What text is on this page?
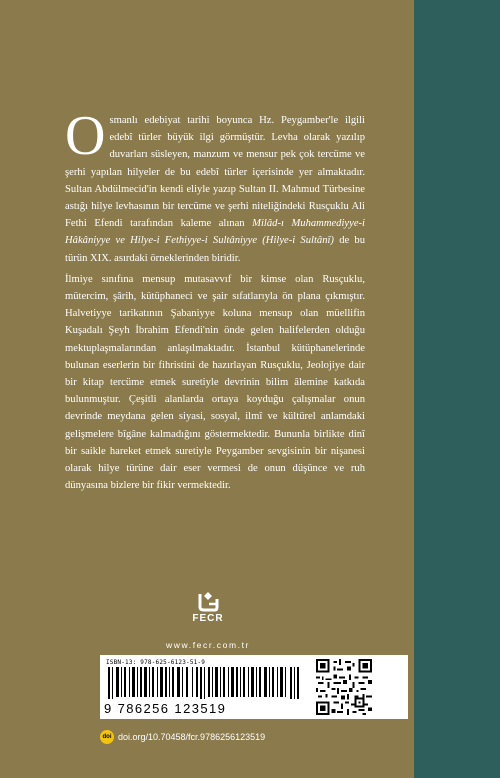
Osmanlı edebiyat tarihi boyunca Hz. Peygamber'le ilgili edebî türler büyük ilgi görmüştür. Levha olarak yazılıp duvarları süsleyen, manzum ve mensur pek çok tercüme ve şerhi yapılan hilyeler de bu edebî türler içerisinde yer almaktadır. Sultan Abdülmecid'in kendi eliyle yazıp Sultan II. Mahmud Türbesine astığı hilye levhasının bir tercüme ve şerhi niteliğindeki Rusçuklu Ali Fethi Efendi tarafından kaleme alınan Milâd-ı Muhammediyye-i Hâkâniyye ve Hilye-i Fethiyye-i Sultâniyye (Hilye-i Sultânî) de bu türün XIX. asırdaki örneklerinden biridir.

İlmiye sınıfına mensup mutasavvıf bir kimse olan Rusçuklu, mütercim, şârih, kütüphaneci ve şair sıfatlarıyla ön plana çıkmıştır. Halvetiyye tarikatının Şabaniyye koluna mensup olan müellifin Kuşadalı Şeyh İbrahim Efendi'nin önde gelen halifelerden olduğu mektuplaşmalarından anlaşılmaktadır. İstanbul kütüphanelerinde bulunan eserlerin bir fihristini de hazırlayan Rusçuklu, Jeolojiye dair bir kitap tercüme etmek suretiyle devrinin bilim âlemine katkıda bulunmuştur. Çeşitli alanlarda ortaya koyduğu çalışmalar onun devrinde meydana gelen siyasi, sosyal, ilmî ve kültürel anlamdaki gelişmelere bîgâne kalmadığını göstermektedir. Bununla birlikte dinî bir saikle hareket etmek suretiyle Peygamber sevgisinin bir nişanesi olarak hilye türüne dair eser vermesi de onun düşünce ve ruh dünyasına bizlere bir fikir vermektedir.

FECR
www.fecr.com.tr
ISBN-13: 978-625-6123-51-9
9 786256 123519
doi doi.org/10.70458/fcr.9786256123519
